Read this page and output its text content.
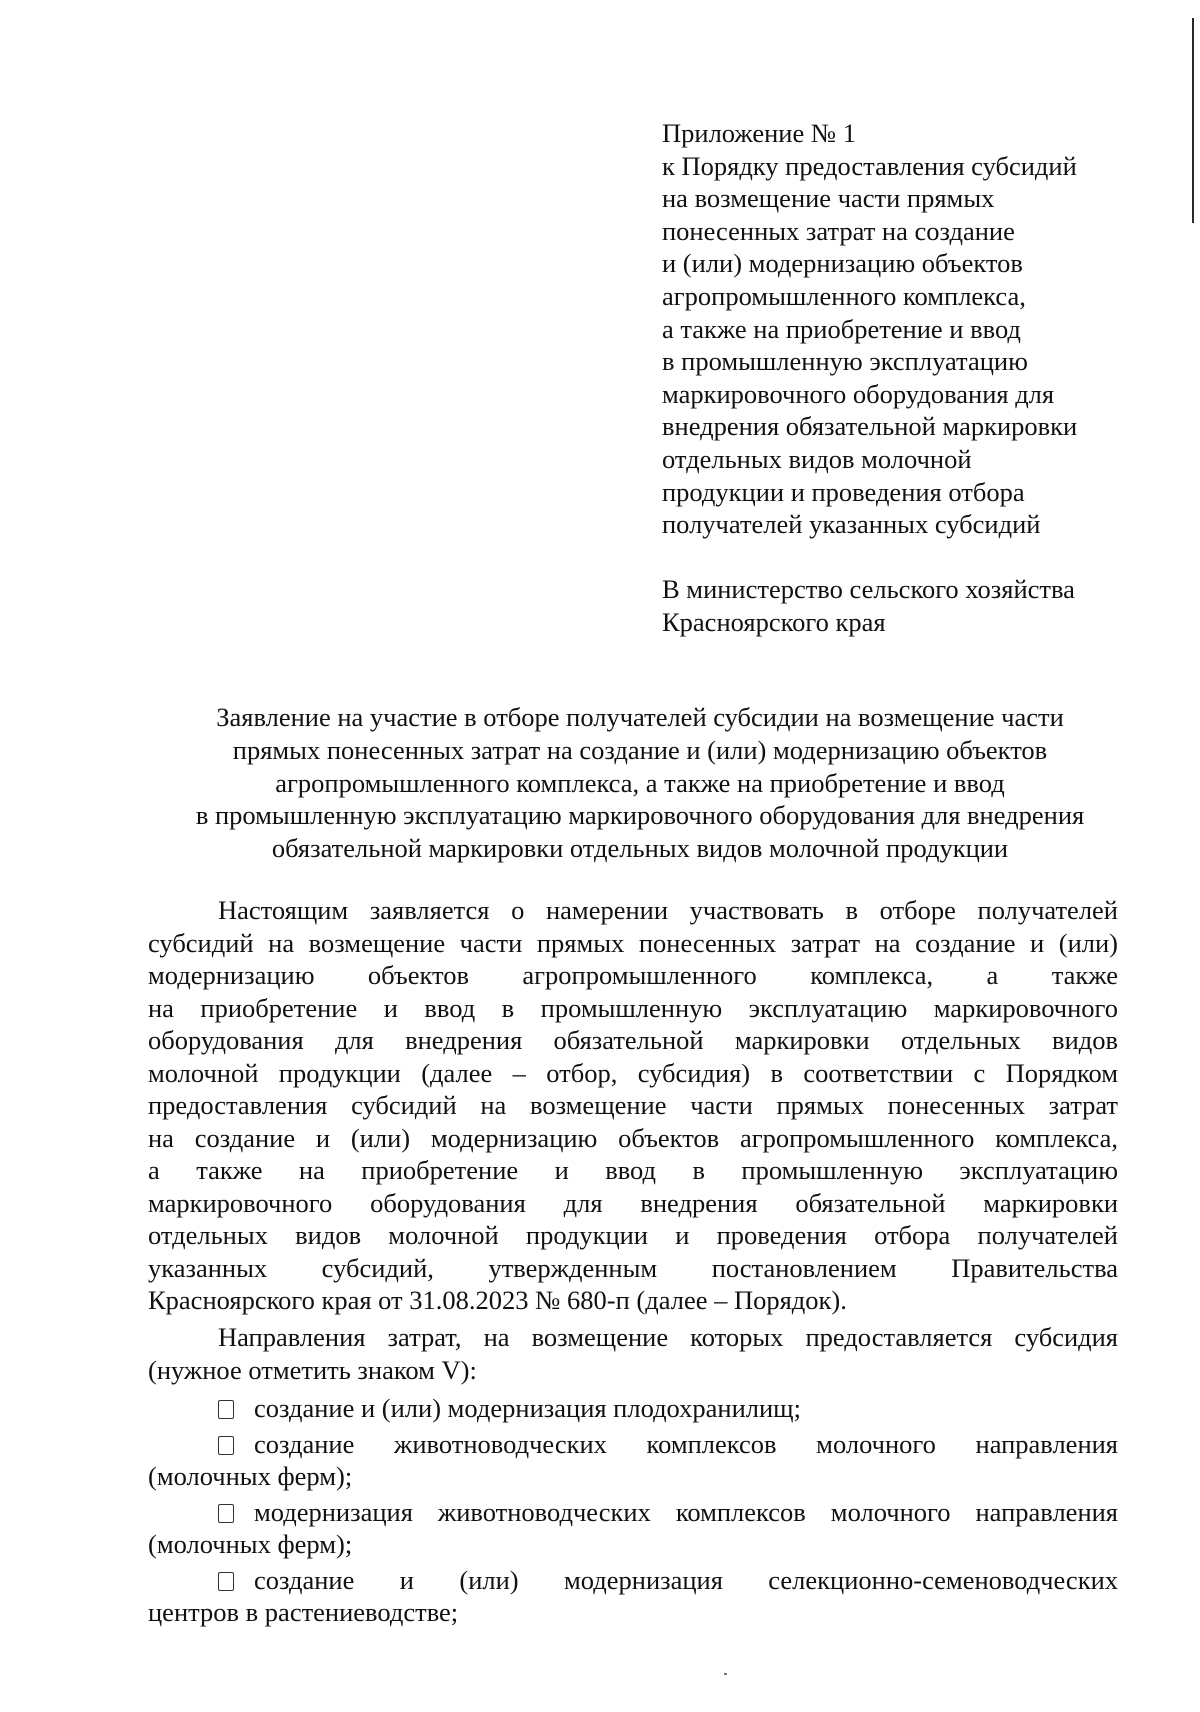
Приложение № 1
к Порядку предоставления субсидий
на возмещение части прямых
понесенных затрат на создание
и (или) модернизацию объектов
агропромышленного комплекса,
а также на приобретение и ввод
в промышленную эксплуатацию
маркировочного оборудования для
внедрения обязательной маркировки
отдельных видов молочной
продукции и проведения отбора
получателей указанных субсидий
В министерство сельского хозяйства
Красноярского края
Заявление на участие в отборе получателей субсидии на возмещение части
прямых понесенных затрат на создание и (или) модернизацию объектов
агропромышленного комплекса, а также на приобретение и ввод
в промышленную эксплуатацию маркировочного оборудования для внедрения
обязательной маркировки отдельных видов молочной продукции
Настоящим заявляется о намерении участвовать в отборе получателей
субсидий на возмещение части прямых понесенных затрат на создание и (или)
модернизацию объектов агропромышленного комплекса, а также
на приобретение и ввод в промышленную эксплуатацию маркировочного
оборудования для внедрения обязательной маркировки отдельных видов
молочной продукции (далее – отбор, субсидия) в соответствии с Порядком
предоставления субсидий на возмещение части прямых понесенных затрат
на создание и (или) модернизацию объектов агропромышленного комплекса,
а также на приобретение и ввод в промышленную эксплуатацию
маркировочного оборудования для внедрения обязательной маркировки
отдельных видов молочной продукции и проведения отбора получателей
указанных субсидий, утвержденным постановлением Правительства
Красноярского края от 31.08.2023 № 680-п (далее – Порядок).
Направления затрат, на возмещение которых предоставляется субсидия
(нужное отметить знаком V):
создание и (или) модернизация плодохранилищ;
создание животноводческих комплексов молочного направления
(молочных ферм);
модернизация животноводческих комплексов молочного направления
(молочных ферм);
создание и (или) модернизация селекционно-семеноводческих
центров в растениеводстве;
